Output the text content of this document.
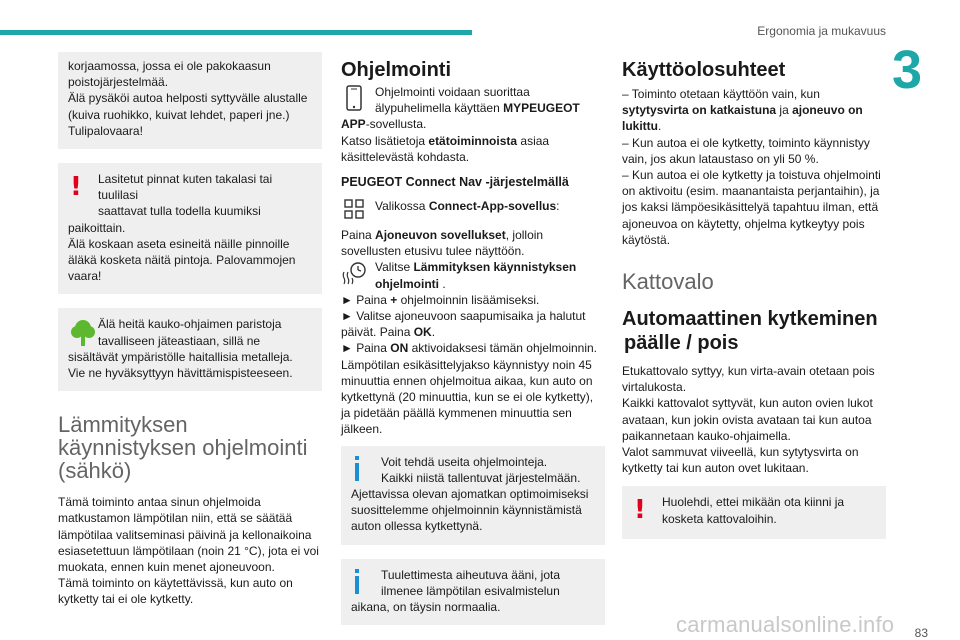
Ergonomia ja mukavuus
3
korjaamossa, jossa ei ole pakokaasun
poistojärjestelmää.
Älä pysäköi autoa helposti syttyvälle alustalle
(kuiva ruohikko, kuivat lehdet, paperi jne.)
Tulipalovaara!
!	Lasitetut pinnat kuten takalasi tai tuulilasi
saattavat tulla todella kuumiksi
paikoittain.
Älä koskaan aseta esineitä näille pinnoille
äläkä kosketa näitä pintoja. Palovammojen
vaara!
Älä heitä kauko-ohjaimen paristoja
tavalliseen jäteastiaan, sillä ne
sisältävät ympäristölle haitallisia metalleja.
Vie ne hyväksyttyyn hävittämispisteeseen.
Lämmityksen
käynnistyksen ohjelmointi
(sähkö)
Tämä toiminto antaa sinun ohjelmoida
matkustamon lämpötilan niin, että se säätää
lämpötilaa valitseminasi päivinä ja kellonaikoina
esiasetettuun lämpötilaan (noin 21 °C), jota ei voi
muokata, ennen kuin menet ajoneuvoon.
Tämä toiminto on käytettävissä, kun auto on
kytketty tai ei ole kytketty.
Ohjelmointi
Ohjelmointi voidaan suorittaa
älypuhelimella käyttäen MYPEUGEOT
APP-sovellusta.
Katso lisätietoja etätoiminnoista asiaa
käsittelevästä kohdasta.
PEUGEOT Connect Nav -järjestelmällä
Valikossa Connect-App-sovellus:
Paina Ajoneuvon sovellukset, jolloin
sovellusten etusivu tulee näyttöön.
Valitse Lämmityksen käynnistyksen
ohjelmointi .
► Paina + ohjelmoinnin lisäämiseksi.
► Valitse ajoneuvoon saapumisaika ja halutut
päivät. Paina OK.
► Paina ON aktivoidaksesi tämän ohjelmoinnin.
Lämpötilan esikäsittelyjakso käynnistyy noin 45
minuuttia ennen ohjelmoitua aikaa, kun auto on
kytkettynä (20 minuuttia, kun se ei ole kytketty),
ja pidetään päällä kymmenen minuuttia sen
jälkeen.
Voit tehdä useita ohjelmointeja.
Kaikki niistä tallentuvat järjestelmään.
Ajettavissa olevan ajomatkan optimoimiseksi
suosittelemme ohjelmoinnin käynnistämistä
auton ollessa kytkettynä.
Tuulettimesta aiheutuva ääni, jota
ilmenee lämpötilan esivalmistelun
aikana, on täysin normaalia.
Käyttöolosuhteet
– Toiminto otetaan käyttöön vain, kun
sytytysvirta on katkaistuna ja ajoneuvo on
lukittu.
– Kun autoa ei ole kytketty, toiminto käynnistyy
vain, jos akun lataustaso on yli 50 %.
– Kun autoa ei ole kytketty ja toistuva ohjelmointi
on aktivoitu (esim. maanantaista perjantaihin), ja
jos kaksi lämpöesikäsittelyä tapahtuu ilman, että
ajoneuvoa on käytetty, ohjelma kytkeytyy pois
käytöstä.
Kattovalo
Automaattinen kytkeminen
päälle / pois
Etukattovalo syttyy, kun virta-avain otetaan pois
virtalukosta.
Kaikki kattovalot syttyvät, kun auton ovien lukot
avataan, kun jokin ovista avataan tai kun autoa
paikannetaan kauko-ohjaimella.
Valot sammuvat viiveellä, kun sytytysvirta on
kytketty tai kun auton ovet lukitaan.
!	Huolehdi, ettei mikään ota kiinni ja
kosketa kattovaloihin.
carmanualsonline.info 83
